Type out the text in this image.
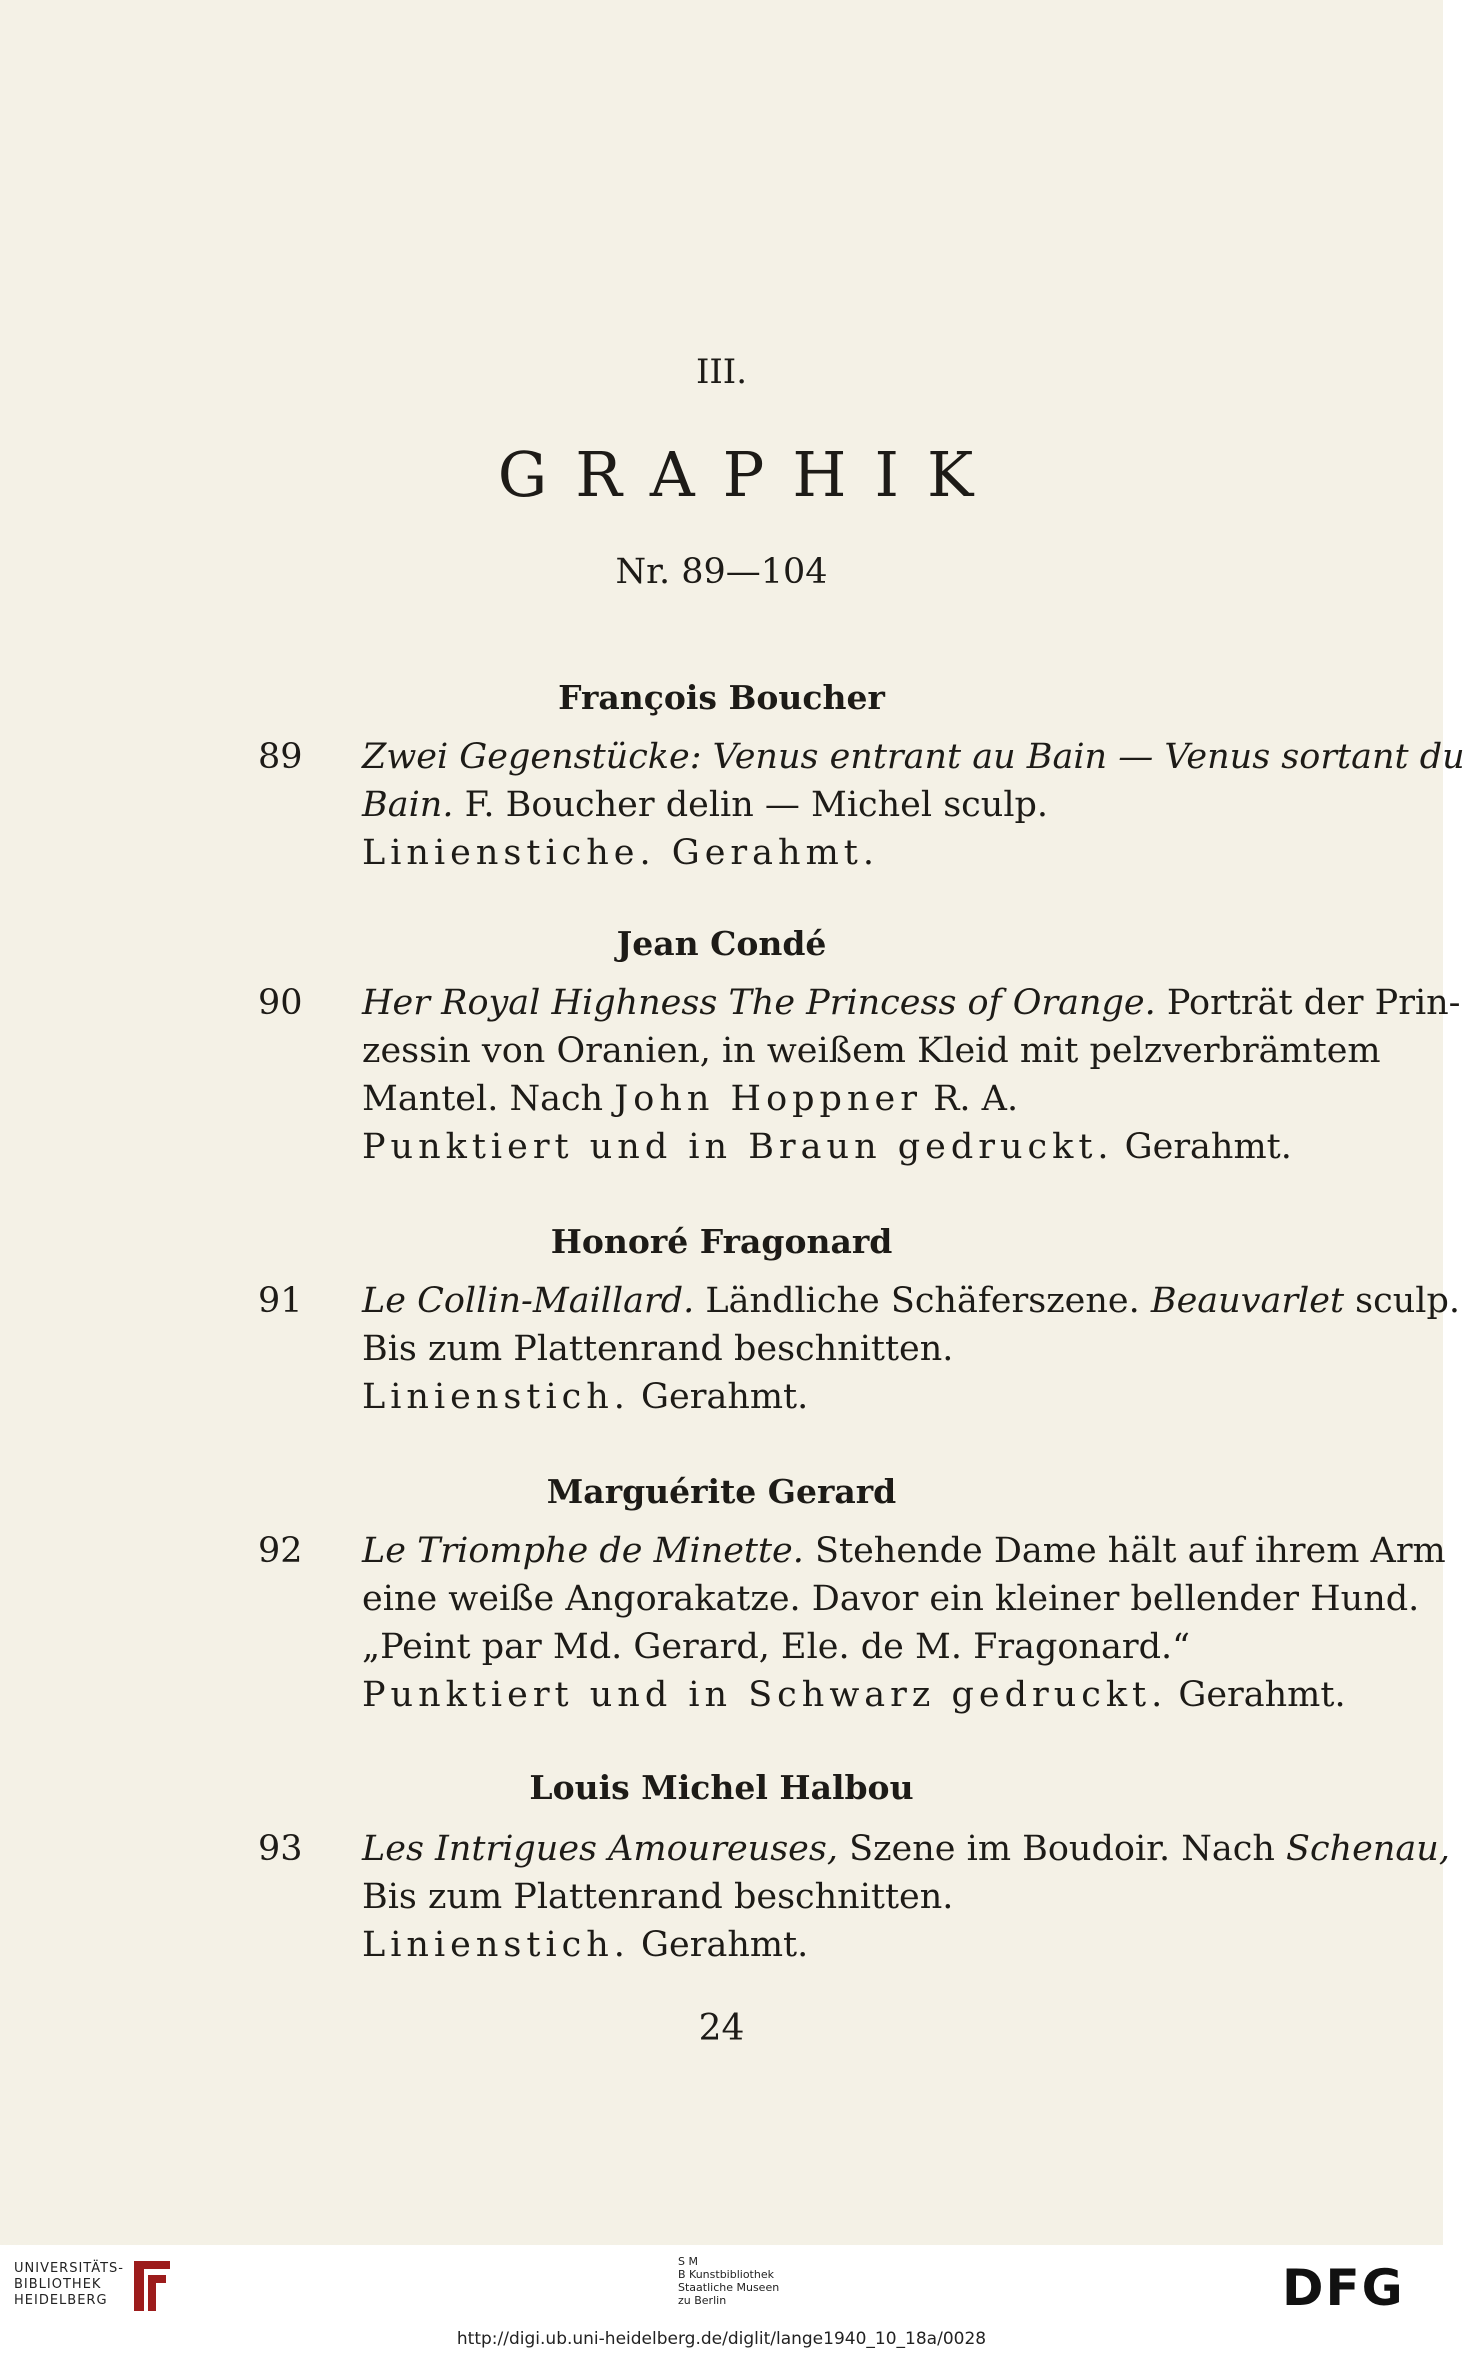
III.
GRAPHIK
Nr. 89—104
François Boucher
89 Zwei Gegenstücke: Venus entrant au Bain — Venus sortant du
Bain. F. Boucher delin — Michel sculp.
Linienstiche. Gerahmt.
Jean Condé
90 Her Royal Highness The Princess of Orange. Porträt der Prin-
zessin von Oranien, in weißem Kleid mit pelzverbrämtem
Mantel. Nach John Hoppner R. A.
Punktiert und in Braun gedruckt. Gerahmt.
Honoré Fragonard
91 Le Collin-Maillard. Ländliche Schäferszene. Beauvarlet sculp.
Bis zum Plattenrand beschnitten.
Linienstich. Gerahmt.
Marguérite Gerard
92 Le Triomphe de Minette. Stehende Dame hält auf ihrem Arm
eine weiße Angorakatze. Davor ein kleiner bellender Hund.
„Peint par Md. Gerard, Ele. de M. Fragonard.“
Punktiert und in Schwarz gedruckt. Gerahmt.
Louis Michel Halbou
93 Les Intrigues Amoureuses, Szene im Boudoir. Nach Schenau,
Bis zum Plattenrand beschnitten.
Linienstich. Gerahmt.
24
UNIVERSITÄTS-
BIBLIOTHEK
HEIDELBERG
S M
B Kunstbibliothek
Staatliche Museen
zu Berlin	DFG
http://digi.ub.uni-heidelberg.de/diglit/lange1940_10_18a/0028
